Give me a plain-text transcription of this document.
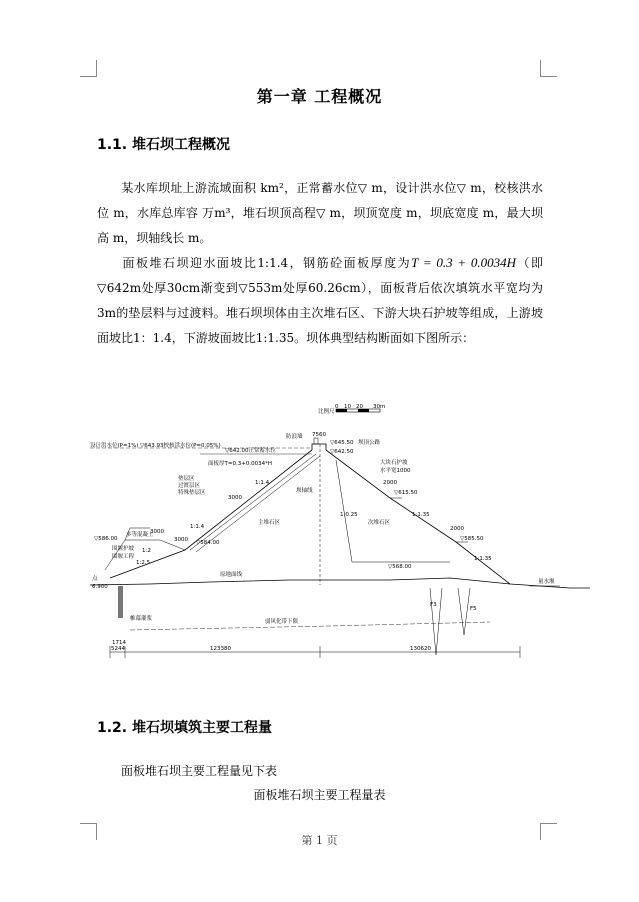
第一章 工程概况
1.1. 堆石坝工程概况
某水库坝址上游流域面积 km²，正常蓄水位▽ m，设计洪水位▽ m，校核洪水位 m，水库总库容 万m³，堆石坝顶高程▽ m，坝顶宽度 m，坝底宽度 m，最大坝高 m，坝轴线长 m。
面板堆石坝迎水面坡比1:1.4，钢筋砼面板厚度为T = 0.3 + 0.0034H（即▽642m处厚30cm渐变到▽553m处厚60.26cm），面板背后依次填筑水平宽均为3m的垫层料与过渡料。堆石坝坝体由主次堆石区、下游大块石护坡等组成，上游坡面坡比1：1.4，下游坡面坡比1:1.35。坝体典型结构断面如下图所示：
比例尺
0 10 20 30m
设计洪水位(P=1%) ▽643.93校核洪水位(P=0.05%)
防浪墙 7560
▽645.50
▽642.50
▽642.00正常蓄水位
坝顶公路
面板厚T=0.3+0.0034*H
垫层区
过渡层区
特殊垫层区
3000
3000
3000
1:1.4
1:1.4
主堆石区
坝轴线
次堆石区
1:0.25
大块石护坡
水平宽1000
2000
▽615.50
1:1.35
2000
▽585.50
1:1.35
▽586.00
▽584.00
多等混凝土
围堰护坡
围堰工程
1:2
1:2.5
原地面线
▽568.00
量水堰
点
6.900
帷幕灌浆	弱风化带下限
F3
F5
1714
5244	123380	130620
1.2. 堆石坝填筑主要工程量
面板堆石坝主要工程量见下表
面板堆石坝主要工程量表
第 1 页
